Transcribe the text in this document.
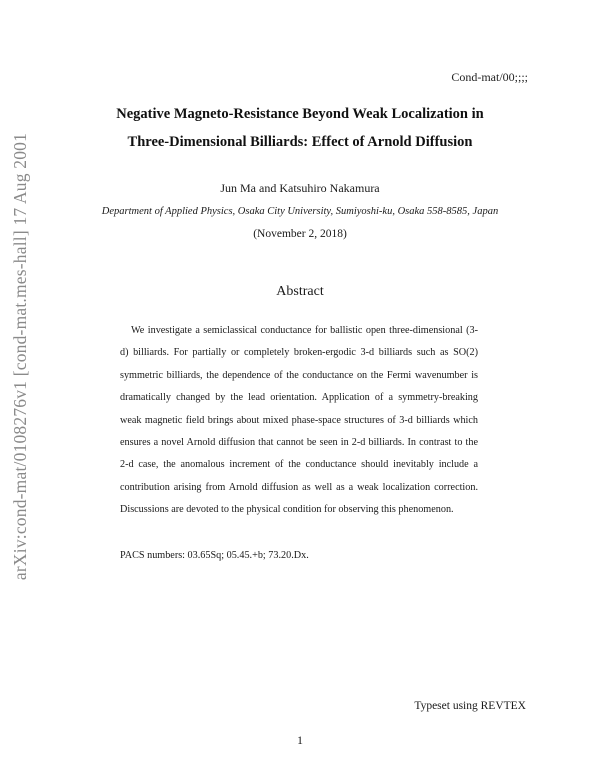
arXiv:cond-mat/0108276v1 [cond-mat.mes-hall] 17 Aug 2001
Cond-mat/00;;;;
Negative Magneto-Resistance Beyond Weak Localization in
Three-Dimensional Billiards: Effect of Arnold Diffusion
Jun Ma and Katsuhiro Nakamura
Department of Applied Physics, Osaka City University, Sumiyoshi-ku, Osaka 558-8585, Japan
(November 2, 2018)
Abstract

We investigate a semiclassical conductance for ballistic open three-dimensional (3-d) billiards. For partially or completely broken-ergodic 3-d billiards such as SO(2) symmetric billiards, the dependence of the conductance on the Fermi wavenumber is dramatically changed by the lead orientation. Application of a symmetry-breaking weak magnetic field brings about mixed phase-space structures of 3-d billiards which ensures a novel Arnold diffusion that cannot be seen in 2-d billiards. In contrast to the 2-d case, the anomalous increment of the conductance should inevitably include a contribution arising from Arnold diffusion as well as a weak localization correction. Discussions are devoted to the physical condition for observing this phenomenon.

PACS numbers: 03.65Sq; 05.45.+b; 73.20.Dx.
Typeset using REVTEX
1
